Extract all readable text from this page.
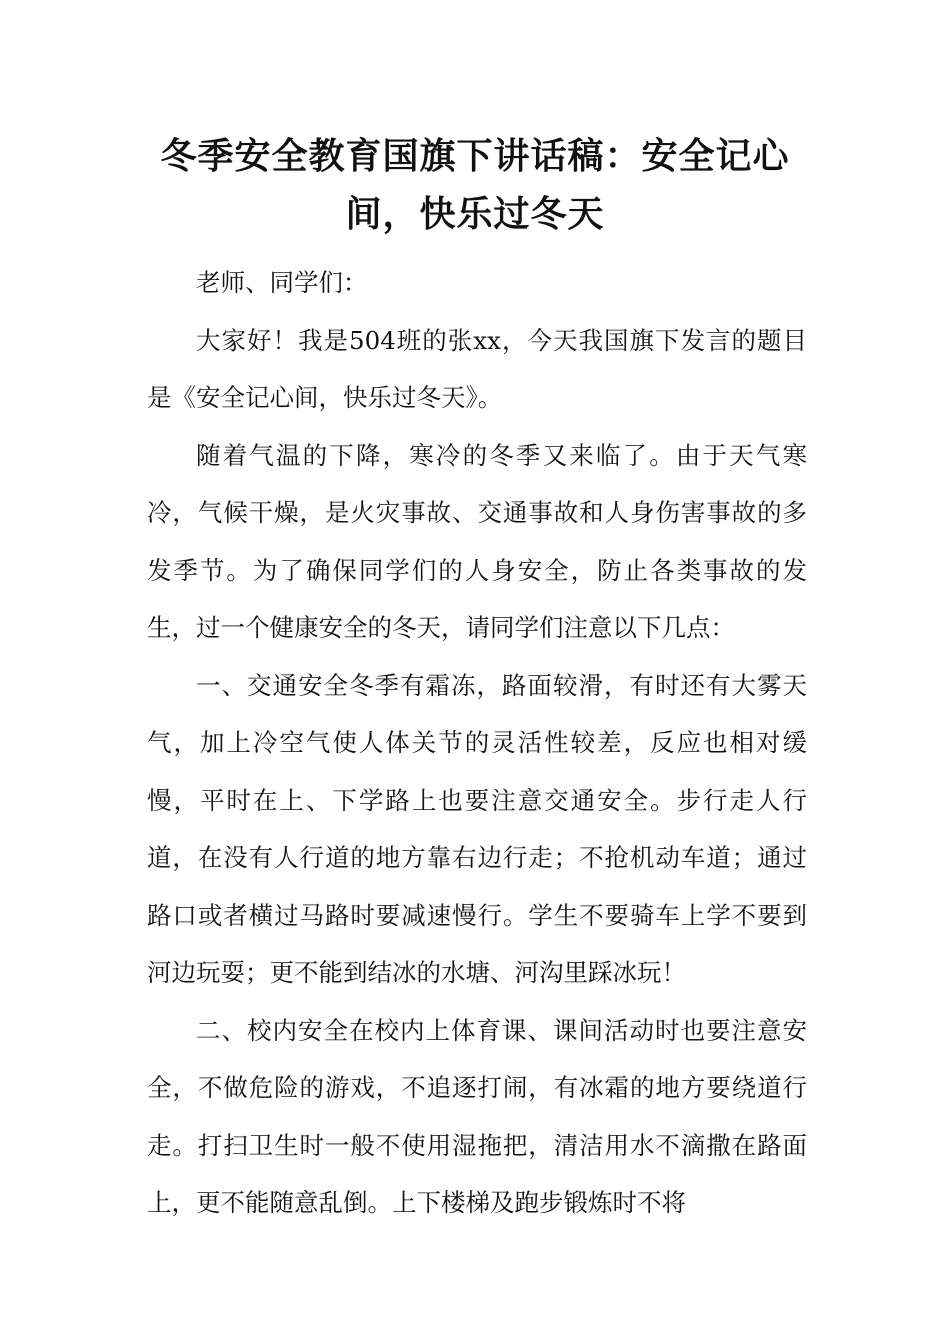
冬季安全教育国旗下讲话稿：安全记心间，快乐过冬天

老师、同学们：

大家好！我是504班的张xx，今天我国旗下发言的题目是《安全记心间，快乐过冬天》。

随着气温的下降，寒冷的冬季又来临了。由于天气寒冷，气候干燥，是火灾事故、交通事故和人身伤害事故的多发季节。为了确保同学们的人身安全，防止各类事故的发生，过一个健康安全的冬天，请同学们注意以下几点：

一、交通安全冬季有霜冻，路面较滑，有时还有大雾天气，加上冷空气使人体关节的灵活性较差，反应也相对缓慢，平时在上、下学路上也要注意交通安全。步行走人行道，在没有人行道的地方靠右边行走；不抢机动车道；通过路口或者横过马路时要减速慢行。学生不要骑车上学不要到河边玩耍；更不能到结冰的水塘、河沟里踩冰玩！

二、校内安全在校内上体育课、课间活动时也要注意安全，不做危险的游戏，不追逐打闹，有冰霜的地方要绕道行走。打扫卫生时一般不使用湿拖把，清洁用水不滴撒在路面上，更不能随意乱倒。上下楼梯及跑步锻炼时不将
